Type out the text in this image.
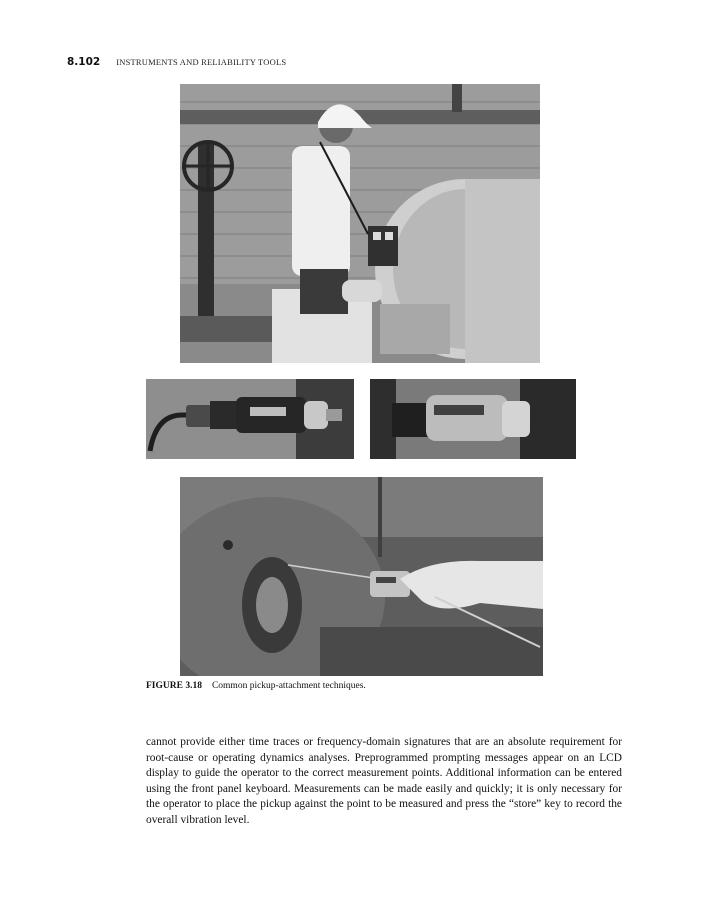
8.102 INSTRUMENTS AND RELIABILITY TOOLS
FIGURE 3.18 Common pickup-attachment techniques.

cannot provide either time traces or frequency-domain signatures that are an absolute requirement for root-cause or operating dynamics analyses. Preprogrammed prompting messages appear on an LCD display to guide the operator to the correct measurement points. Additional information can be entered using the front panel keyboard. Measurements can be made easily and quickly; it is only necessary for the operator to place the pickup against the point to be measured and press the “store” key to record the overall vibration level.
